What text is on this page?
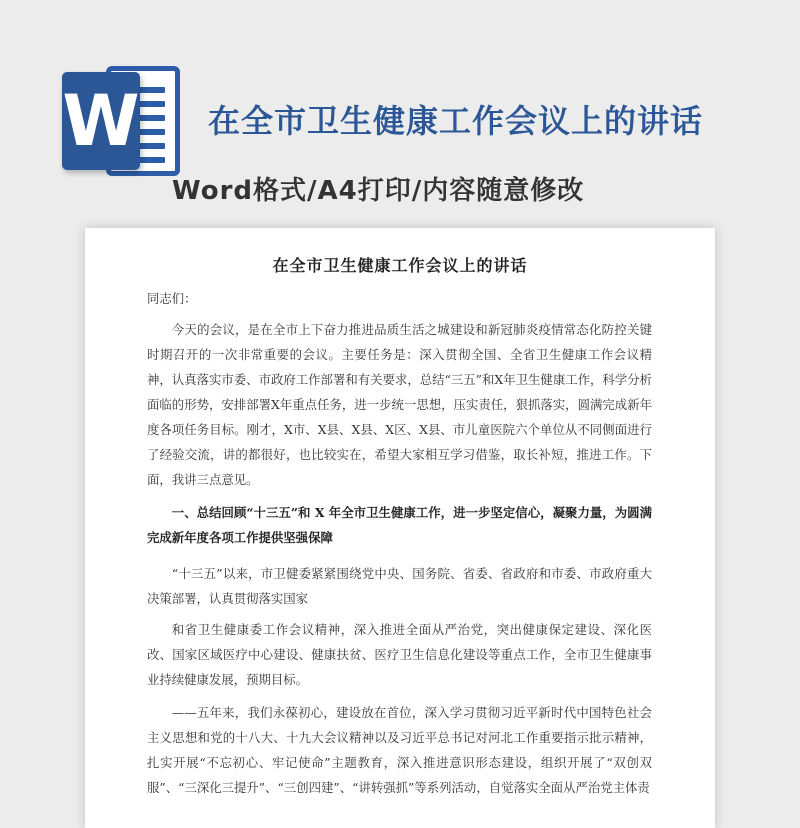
W 在全市卫生健康工作会议上的讲话
Word格式/A4打印/内容随意修改
在全市卫生健康工作会议上的讲话

同志们：

今天的会议，是在全市上下奋力推进品质生活之城建设和新冠肺炎疫情常态化防控关键时期召开的一次非常重要的会议。主要任务是：深入贯彻全国、全省卫生健康工作会议精神，认真落实市委、市政府工作部署和有关要求，总结“三五”和X年卫生健康工作，科学分析面临的形势，安排部署X年重点任务，进一步统一思想，压实责任，狠抓落实，圆满完成新年度各项任务目标。刚才，X市、X县、X县、X区、X县、市儿童医院六个单位从不同侧面进行了经验交流，讲的都很好，也比较实在，希望大家相互学习借鉴，取长补短，推进工作。下面，我讲三点意见。

一、总结回顾“十三五”和 X 年全市卫生健康工作，进一步坚定信心，凝聚力量，为圆满完成新年度各项工作提供坚强保障

“十三五”以来，市卫健委紧紧围绕党中央、国务院、省委、省政府和市委、市政府重大决策部署，认真贯彻落实国家

和省卫生健康委工作会议精神，深入推进全面从严治党，突出健康保定建设、深化医改、国家区域医疗中心建设、健康扶贫、医疗卫生信息化建设等重点工作，全市卫生健康事业持续健康发展，预期目标。

——五年来，我们永葆初心，建设放在首位，深入学习贯彻习近平新时代中国特色社会主义思想和党的十八大、十九大会议精神以及习近平总书记对河北工作重要指示批示精神，扎实开展“不忘初心、牢记使命”主题教育，深入推进意识形态建设，组织开展了“双创双服”、“三深化三提升”、“三创四建”、“讲转强抓”等系列活动，自觉落实全面从严治党主体责
